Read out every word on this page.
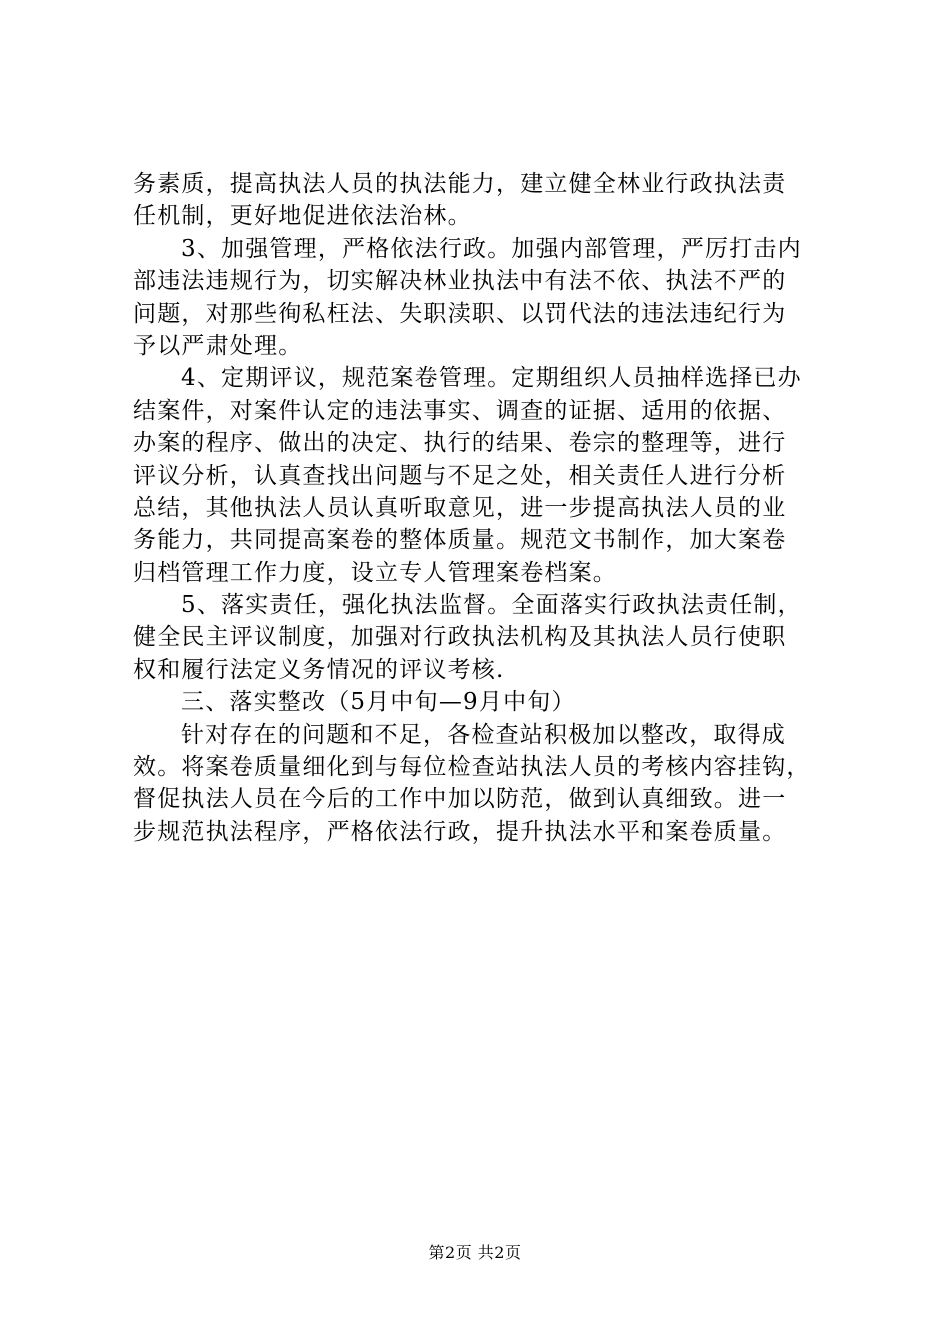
务素质，提高执法人员的执法能力，建立健全林业行政执法责
任机制，更好地促进依法治林。
3、加强管理，严格依法行政。加强内部管理，严厉打击内
部违法违规行为，切实解决林业执法中有法不依、执法不严的
问题，对那些徇私枉法、失职渎职、以罚代法的违法违纪行为
予以严肃处理。
4、定期评议，规范案卷管理。定期组织人员抽样选择已办
结案件，对案件认定的违法事实、调查的证据、适用的依据、
办案的程序、做出的决定、执行的结果、卷宗的整理等，进行
评议分析，认真查找出问题与不足之处，相关责任人进行分析
总结，其他执法人员认真听取意见，进一步提高执法人员的业
务能力，共同提高案卷的整体质量。规范文书制作，加大案卷
归档管理工作力度，设立专人管理案卷档案。
5、落实责任，强化执法监督。全面落实行政执法责任制，
健全民主评议制度，加强对行政执法机构及其执法人员行使职
权和履行法定义务情况的评议考核.
三、落实整改（5月中旬—9月中旬）
针对存在的问题和不足，各检查站积极加以整改，取得成
效。将案卷质量细化到与每位检查站执法人员的考核内容挂钩，
督促执法人员在今后的工作中加以防范，做到认真细致。进一
步规范执法程序，严格依法行政，提升执法水平和案卷质量。
第2页 共2页
